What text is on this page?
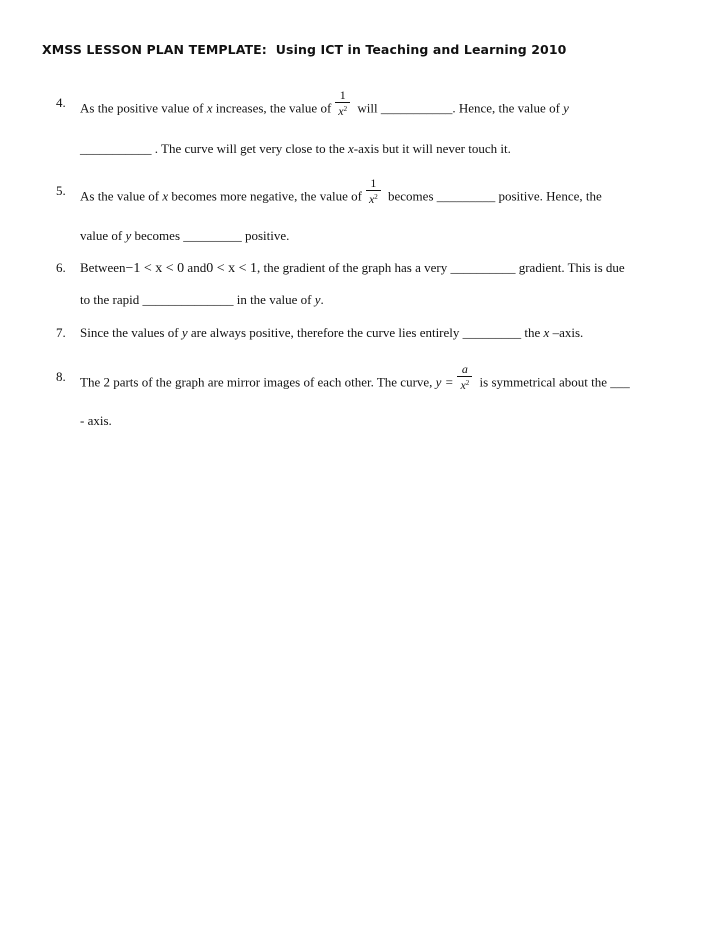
XMSS LESSON PLAN TEMPLATE: Using ICT in Teaching and Learning 2010
4.	As the positive value of x increases, the value of $\frac{1}{x^2}$ will ___________. Hence, the value of y
___________ . The curve will get very close to the x-axis but it will never touch it.
5.	As the value of x becomes more negative, the value of $\frac{1}{x^2}$ becomes _________ positive. Hence, the
value of y becomes _________ positive.
6.	Between−1 < x < 0 and0 < x < 1, the gradient of the graph has a very __________ gradient. This is due
to the rapid ______________ in the value of y.
7.	Since the values of y are always positive, therefore the curve lies entirely _________ the x –axis.
8.	The 2 parts of the graph are mirror images of each other. The curve, $y = \frac{a}{x^2}$ is symmetrical about the ___
- axis.
